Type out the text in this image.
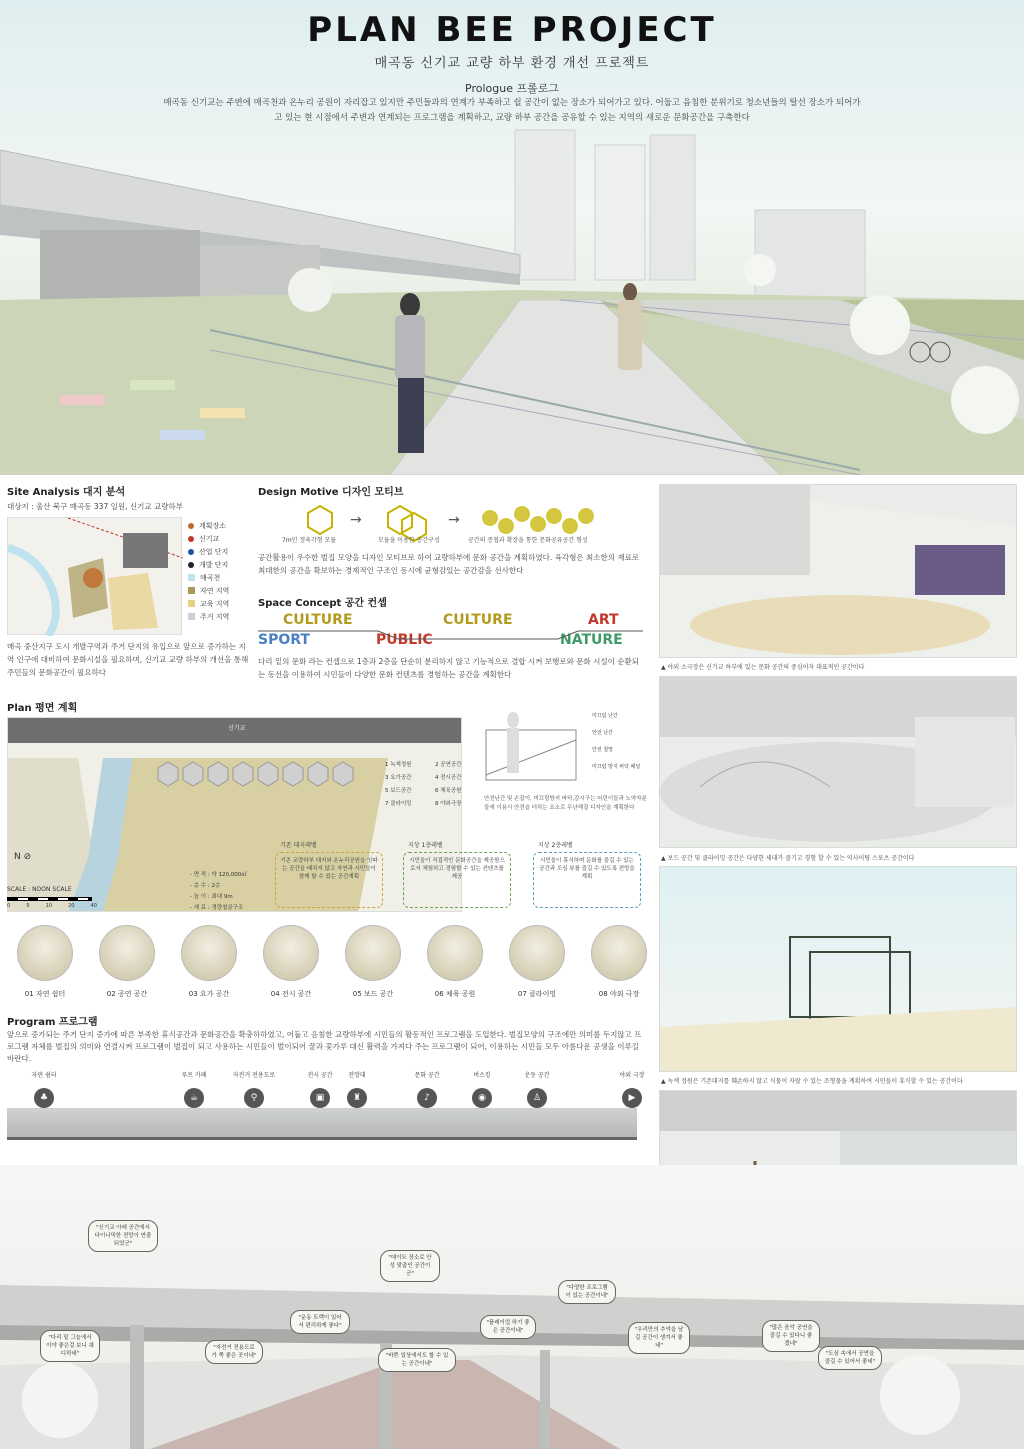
PLAN BEE PROJECT
매곡동 신기교 교량 하부 환경 개선 프로젝트
Prologue 프롤로그
매곡동 신기교는 주변에 매곡천과 온누리 공원이 자리잡고 있지만 주민들과의 연계가 부족하고 쉴 공간이 없는 장소가 되어가고 있다. 어둡고 음침한 분위기로 청소년들의 탈선 장소가 되어가고 있는 현 시점에서 주변과 연계되는 프로그램을 계획하고, 교량 하부 공간을 공유할 수 있는 지역의 새로운 문화공간을 구축한다
Site Analysis 대지 분석
대상지 : 울산 북구 매곡동 337 일원, 신기교 교량하부
계획장소
신기교
산업 단지
개발 단지
매곡천
자연 지역
교육 지역
주거 지역
매곡 중산지구 도시 개발구역과 주거 단지의 유입으로 앞으로 증가하는 지역 인구에 대비하여 문화시설을 필요하며, 신기교 교량 하부의 개선을 통해 주민들의 문화공간이 필요하다
Design Motive 디자인 모티브
→	→
7m인 정육각형 모듈	모듈을 이용한 공간구성	공간의 증첩과 확장을 통한 문화공유공간 형성
공간활용이 우수한 벌집 모양을 디자인 모티브로 하여 교량하부에 문화 공간을 계획하였다. 육각형은 최소한의 재료로 최대한의 공간을 확보하는 경제적인 구조인 동시에 균형감있는 공간감을 선사한다
Space Concept 공간 컨셉
CULTURE	CULTURE	ART
SPORT	PUBLIC	NATURE
다리 밑의 문화 라는 컨셉으로 1층과 2층을 단순히 분리하지 않고 기능적으로 결합 시켜 보행로와 문화 시설이 순환되는 동선을 이용하여 시민들이 다양한 문화 컨텐츠를 경험하는 공간을 계획한다
▲ 야외 소극장은 신기교 하부에 있는 문화 공간의 중심이자 대표적인 공간이다
▲ 보드 공간 및 클라이밍 공간은 다양한 세대가 즐기고 경험 할 수 있는 익사이팅 스포츠 공간이다
▲ 녹색 정원은 기존대지를 훼손하지 않고 식물이 자랄 수 있는 조형물을 계획하여 시민들이 휴식할 수 있는 공간이다
Plan 평면 계획
신기교
1 녹색정원	2 공연공간
3 요가공간	4 전시공간
5 보드공간	6 체육공원
7 클라이밍	8 야외극장
미끄럼 난간
안전 난간
안전 철망
미끄럼 방지 바닥 패널
안전난간 및 손잡이, 미끄럼방지 바닥,감시구는 어린이들과 노약자분들에 이용시 안전을 더하는 요소로 무난해질 디자인을 계획한다
- 면 적 : 약 120,000㎡
- 층 수 : 2층
- 높 이 : 최대 9m
- 재 료 : 경량철골구조
N ⊘
SCALE : NOON SCALE
0	5	10	20	40
기존 대지레벨
기존 교량하부 대지와 온누리공원을 잇따는 공간을 배치지 않고 자연과 시민들이 함께 할 수 있는 공간계획
지상 1층레벨
시민들이 직접적인 문화공간을 제공함으로서 체험하고 경험할 수 있는 컨텐츠를 제공
지상 2층레벨
시민들이 휴식하며 문화를 즐길 수 있는 공간과 도심 뷰를 즐길 수 있도록 전망을 계획
01 자연 쉼터	02 공연 공간	03 요가 공간	04 전시 공간	05 보드 공간	06 체육 공원	07 클라이밍	08 야외 극장
Program 프로그램
앞으로 증가되는 주거 단지 증가에 따른 부족한 휴식공간과 문화공간을 확충하하였고, 어둡고 음침한 교량하부에 시민들의 활동적인 프로그램을 도입한다. 벌집모양의 구조에만 의미를 두지않고 프로그램 자체를 벌집의 의미와 연결시켜 프로그램이 벌집이 되고 사용하는 시민들이 벌이되어 꿀과 꽃가루 대신 활력을 가져다 주는 프로그램이 되어, 이용하는 시민들 모두 아름다운 공생을 이루길 바란다.
자연 쉼터
♣
루프 카페
☕
자전거 전용도로
⚲
전시 공간
▣
전망대
♜
문화 공간
♪
버스킹
◉
운동 공간
♙
야외 극장
▶
"신기교 아래 공간에서 다이나믹한 전망이 연출 되었군"
"데이트 장소로 안성 맞춤인 공간이군"
"다양한 프로그램이 있는 공간이네"
"다리 밑 그늘에서 이야 좋은걸 보니 쉐 디하네"
"운동 트랙이 있어서 편리하게 좋다"
"바쁜 일상에서도 할 수 있는 공간이네"
"자전거 전용도로가 쭉 좋은 곳이네"
"플레이업 하기 좋은 공간이네"	"우리만의 추억을 남길 공간이 생겨서 좋네"
"많은 음악 공연을 즐길 수 있다니 좋겠네"
"도심 속에서 공연을 즐길 수 있어서 좋네"
